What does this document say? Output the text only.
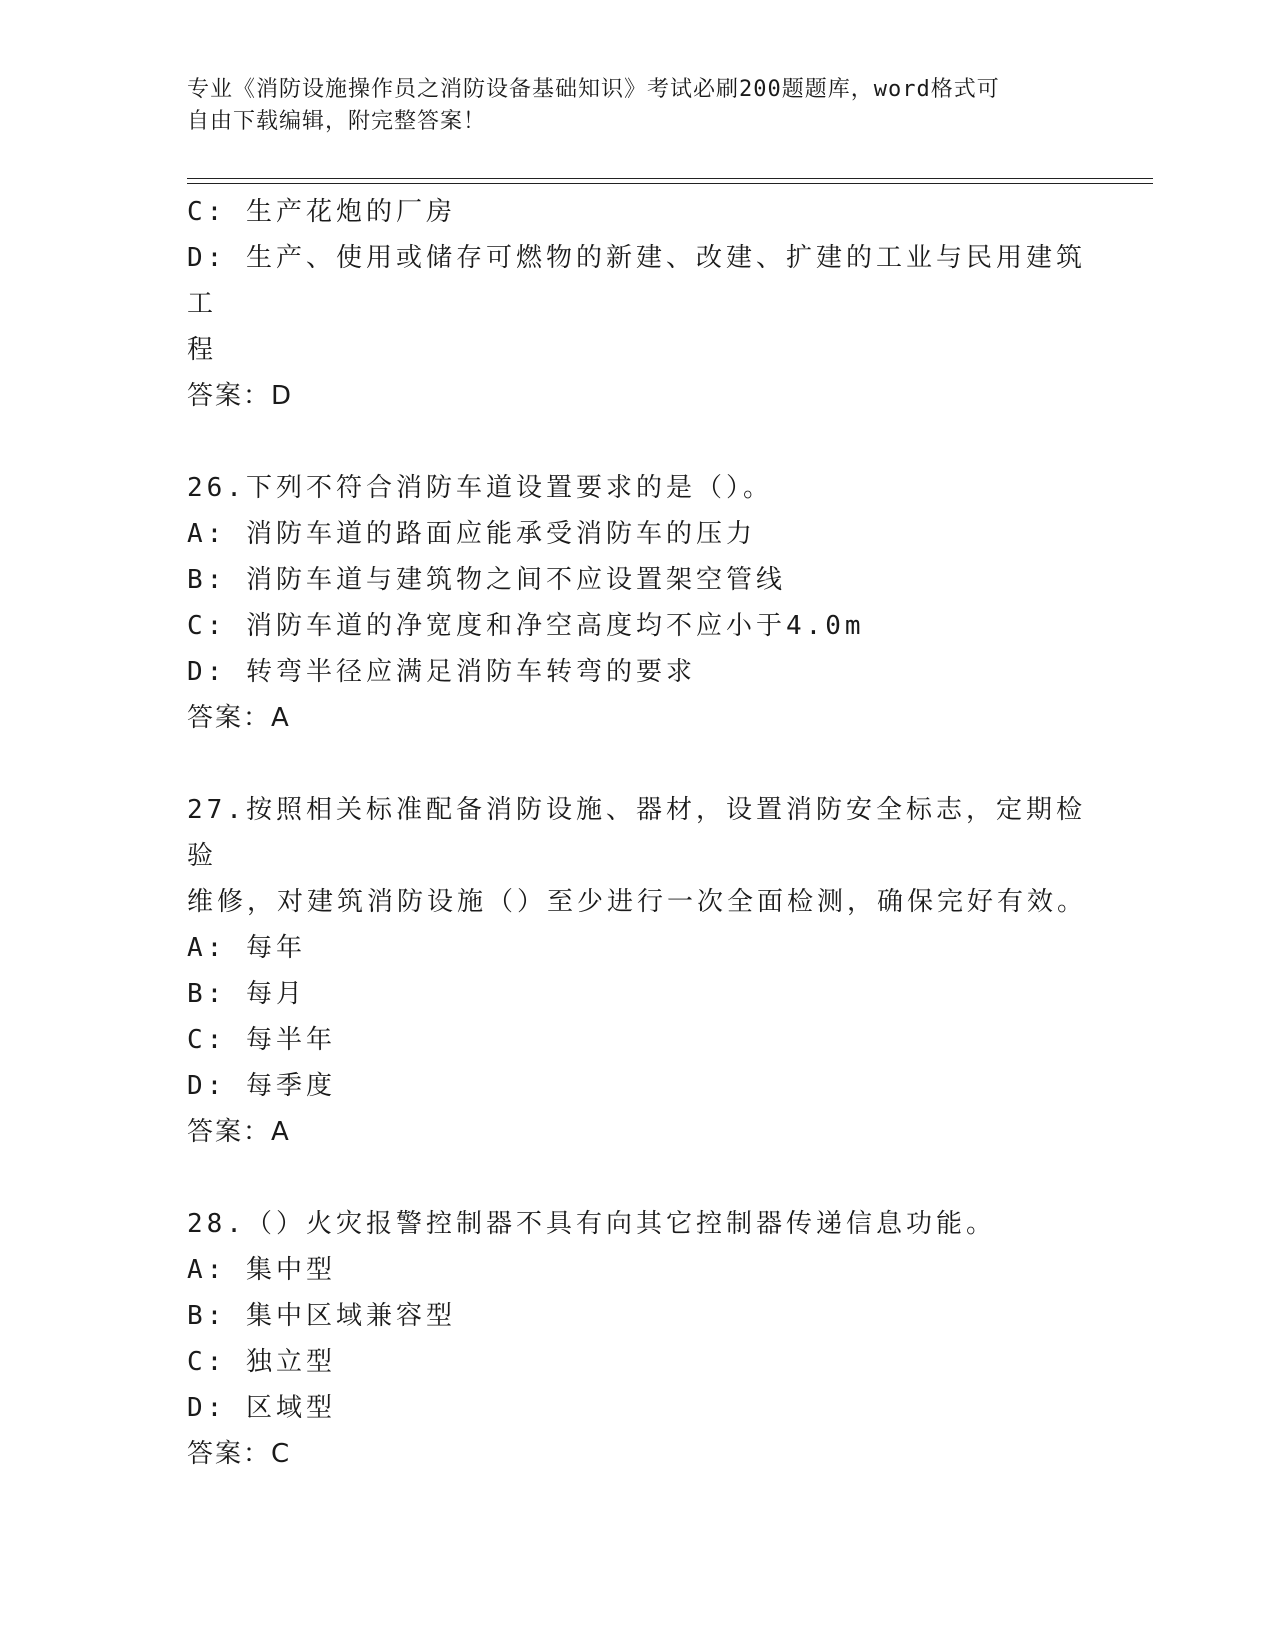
专业《消防设施操作员之消防设备基础知识》考试必刷200题题库，word格式可
自由下载编辑，附完整答案！

C: 生产花炮的厂房

D: 生产、使用或储存可燃物的新建、改建、扩建的工业与民用建筑工

程

答案：D

26.下列不符合消防车道设置要求的是（）。

A: 消防车道的路面应能承受消防车的压力

B: 消防车道与建筑物之间不应设置架空管线

C: 消防车道的净宽度和净空高度均不应小于4.0m

D: 转弯半径应满足消防车转弯的要求

答案：A

27.按照相关标准配备消防设施、器材，设置消防安全标志，定期检验

维修，对建筑消防设施（）至少进行一次全面检测，确保完好有效。

A: 每年

B: 每月

C: 每半年

D: 每季度

答案：A

28.（）火灾报警控制器不具有向其它控制器传递信息功能。

A: 集中型

B: 集中区域兼容型

C: 独立型

D: 区域型

答案：C
